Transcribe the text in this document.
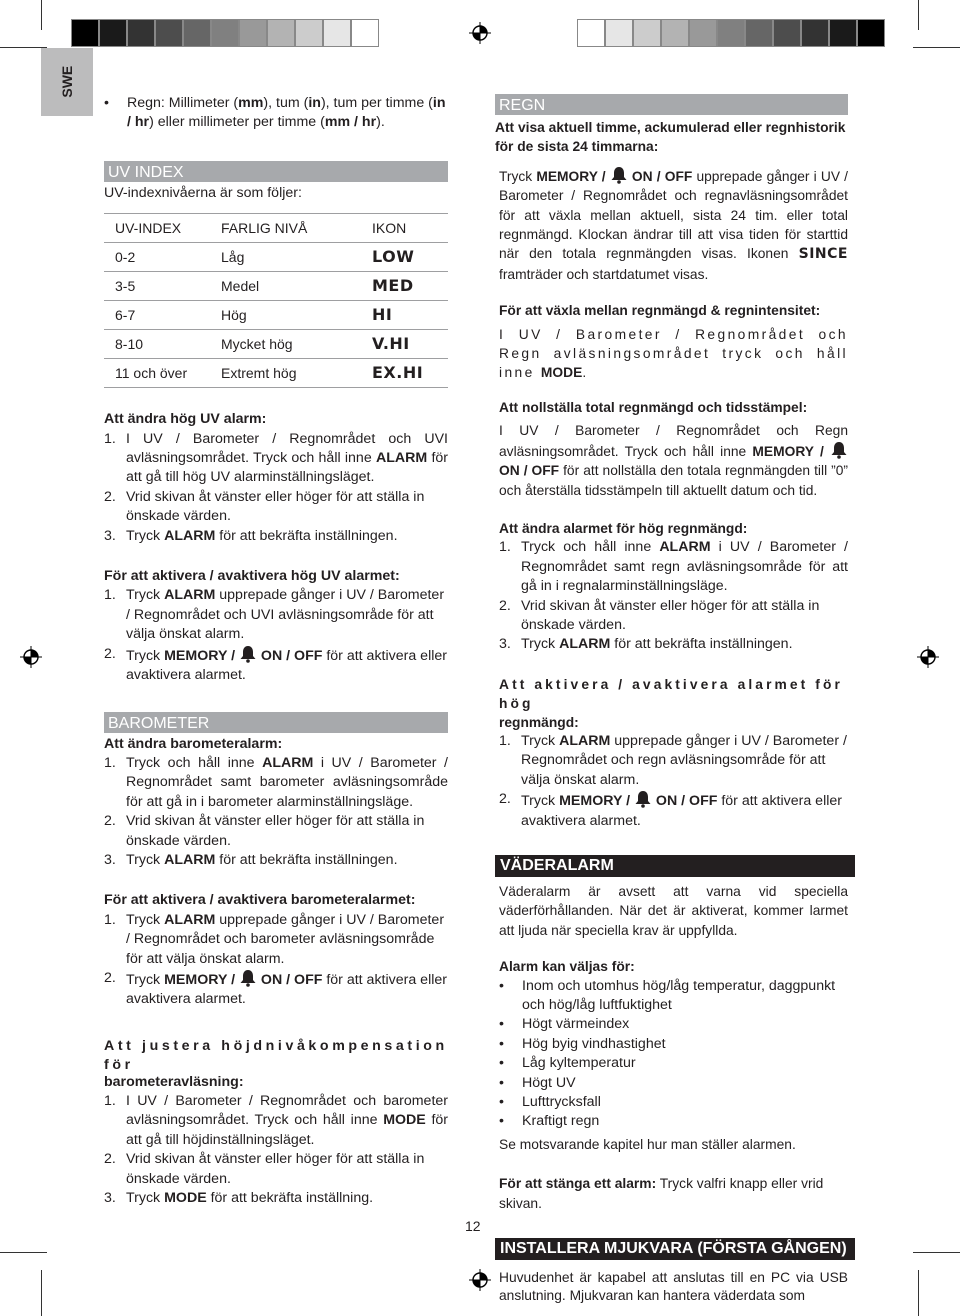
SWE
• Regn: Millimeter (mm), tum (in), tum per timme (in / hr) eller millimeter per timme (mm / hr).
UV INDEX

UV-indexnivåerna är som följer:

UV-INDEX	FARLIG NIVÅ	IKON
0-2	Låg	LOW
3-5	Medel	MED
6-7	Hög	HI
8-10	Mycket hög	V.HI
11 och över	Extremt hög	EX.HI

Att ändra hög UV alarm:

1. I UV / Barometer / Regnområdet och UVI avläsningsområdet. Tryck och håll inne ALARM för att gå till hög UV alarminställningsläget.
2. Vrid skivan åt vänster eller höger för att ställa in önskade värden.
3. Tryck ALARM för att bekräfta inställningen.

För att aktivera / avaktivera hög UV alarmet:

1. Tryck ALARM upprepade gånger i UV / Barometer / Regnområdet och UVI avläsningsområde för att välja önskat alarm.
2. Tryck MEMORY /  ON / OFF för att aktivera eller avaktivera alarmet.
BAROMETER

Att ändra barometeralarm:

1. Tryck och håll inne ALARM i UV / Barometer / Regnområdet samt barometer avläsningsområde för att gå in i barometer alarminställningsläge.
2. Vrid skivan åt vänster eller höger för att ställa in önskade värden.
3. Tryck ALARM för att bekräfta inställningen.

För att aktivera / avaktivera barometeralarmet:

1. Tryck ALARM upprepade gånger i UV / Barometer / Regnområdet och barometer avläsningsområde för att välja önskat alarm.
2. Tryck MEMORY /  ON / OFF för att aktivera eller avaktivera alarmet.

Att justera höjdnivåkompensation för

barometeravläsning:

1. I UV / Barometer / Regnområdet och barometer avläsningsområdet. Tryck och håll inne MODE för att gå till höjdinställningsläget.
2. Vrid skivan åt vänster eller höger för att ställa in önskade värden.
3. Tryck MODE för att bekräfta inställning.
REGN

Att visa aktuell timme, ackumulerad eller regnhistorik för de sista 24 timmarna:

Tryck MEMORY /  ON / OFF upprepade gånger i UV / Barometer / Regnområdet och regnavläsningsområdet för att växla mellan aktuell, sista 24 tim. eller total regnmängd. Klockan ändrar till att visa tiden för starttid när den totala regnmängden visas. Ikonen SINCE framträder och startdatumet visas.

För att växla mellan regnmängd & regnintensitet:

I UV / Barometer / Regnområdet och Regn avläsningsområdet tryck och håll inne MODE.

Att nollställa total regnmängd och tidsstämpel:

I UV / Barometer / Regnområdet och Regn avläsningsområdet. Tryck och håll inne MEMORY /  ON / OFF för att nollställa den totala regnmängden till ”0” och återställa tidsstämpeln till aktuellt datum och tid.

Att ändra alarmet för hög regnmängd:

1. Tryck och håll inne ALARM i UV / Barometer / Regnområdet samt regn avläsningsområde för att gå in i regnalarminställningsläge.
2. Vrid skivan åt vänster eller höger för att ställa in önskade värden.
3. Tryck ALARM för att bekräfta inställningen.

Att aktivera / avaktivera alarmet för hög

regnmängd:

1. Tryck ALARM upprepade gånger i UV / Barometer / Regnområdet och regn avläsningsområde för att välja önskat alarm.
2. Tryck MEMORY /  ON / OFF för att aktivera eller avaktivera alarmet.
VÄDERALARM

Väderalarm är avsett att varna vid speciella väderförhållanden. När det är aktiverat, kommer larmet att ljuda när speciella krav är uppfyllda.

Alarm kan väljas för:

• Inom och utomhus hög/låg temperatur, daggpunkt och hög/låg luftfuktighet
• Högt värmeindex
• Hög byig vindhastighet
• Låg kyltemperatur
• Högt UV
• Lufttrycksfall
• Kraftigt regn

Se motsvarande kapitel hur man ställer alarmen.

För att stänga ett alarm: Tryck valfri knapp eller vrid skivan.

INSTALLERA MJUKVARA (FÖRSTA GÅNGEN)

Huvudenhet är kapabel att anslutas till en PC via USB anslutning. Mjukvaran kan hantera väderdata som

12
